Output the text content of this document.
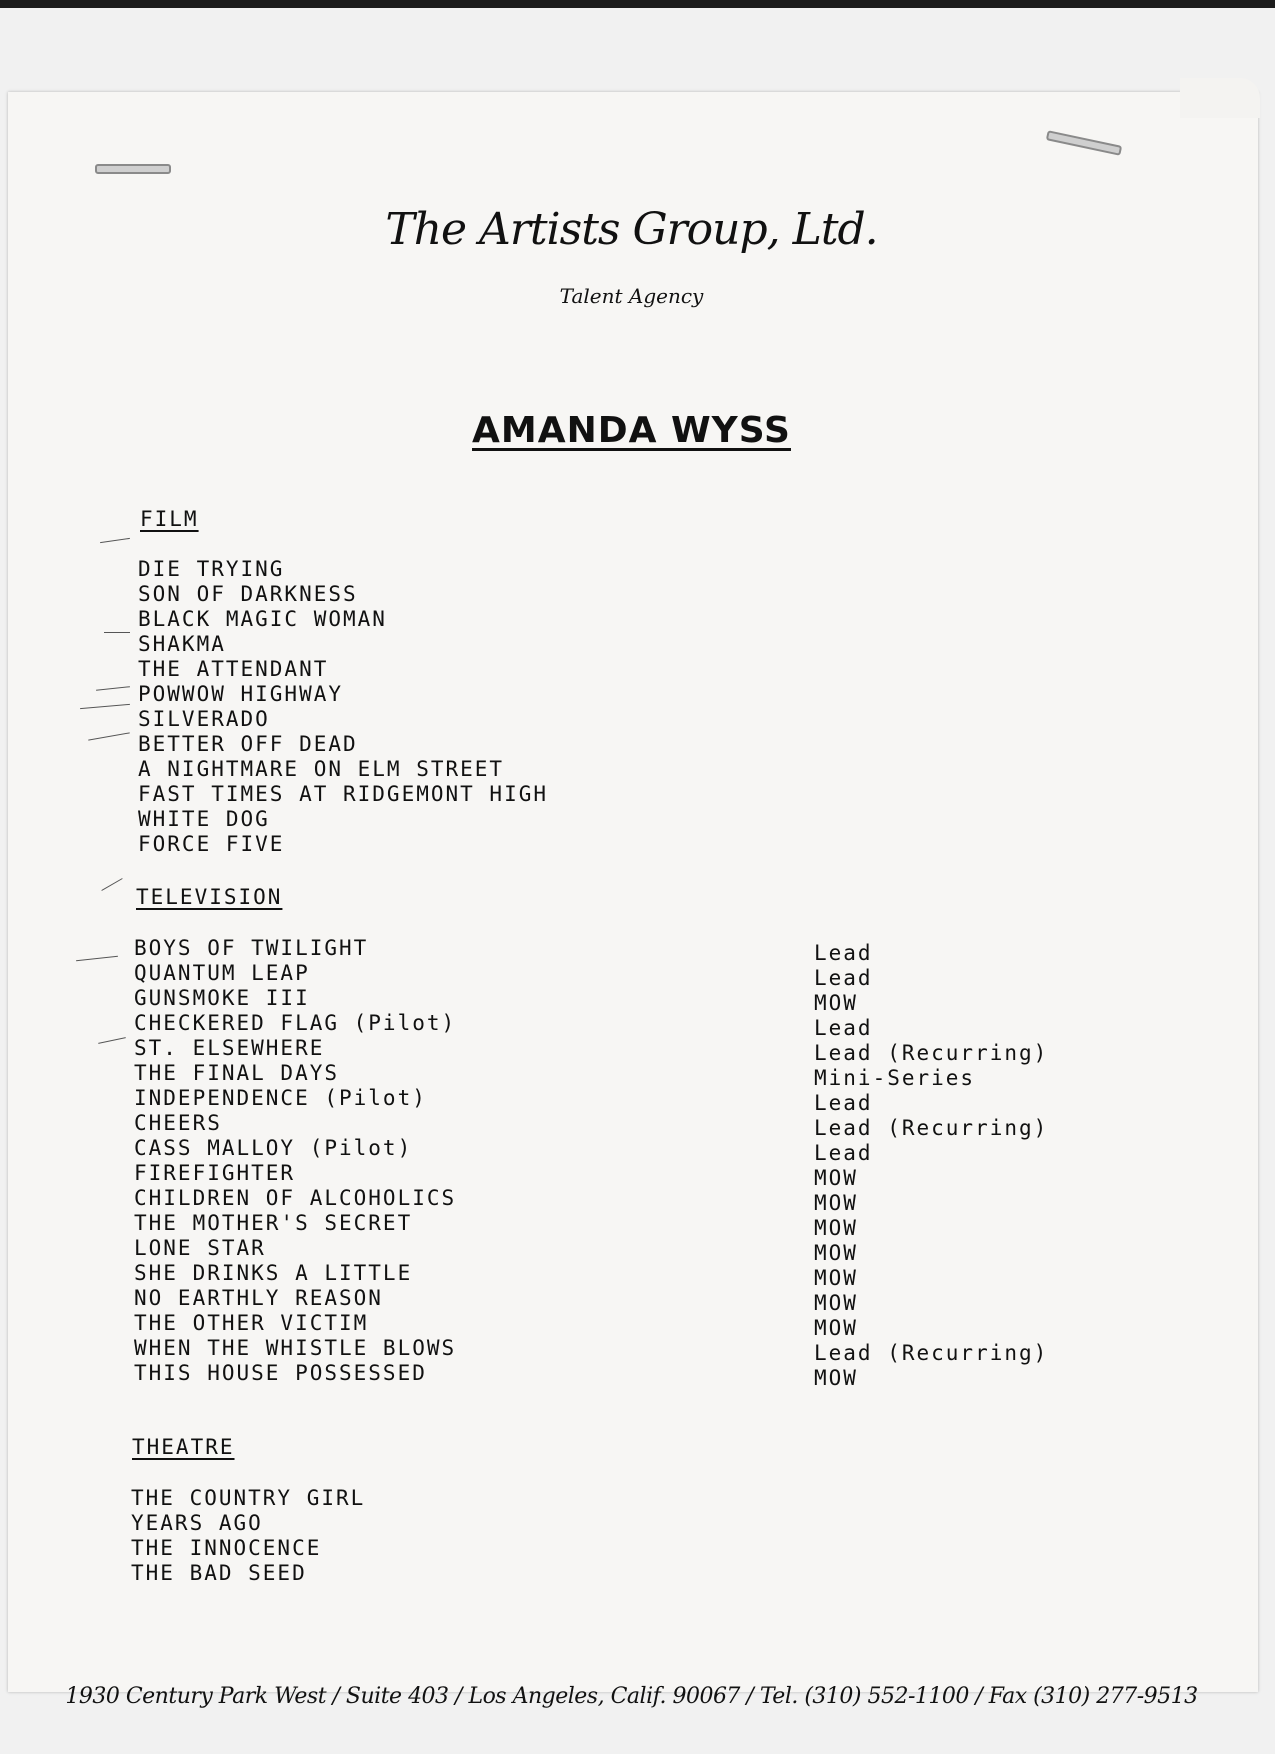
The Artists Group, Ltd.
Talent Agency
AMANDA WYSS
FILM
DIE TRYING
SON OF DARKNESS
BLACK MAGIC WOMAN
SHAKMA
THE ATTENDANT
POWWOW HIGHWAY
SILVERADO
BETTER OFF DEAD
A NIGHTMARE ON ELM STREET
FAST TIMES AT RIDGEMONT HIGH
WHITE DOG
FORCE FIVE
TELEVISION
BOYS OF TWILIGHT
QUANTUM LEAP
GUNSMOKE III
CHECKERED FLAG (Pilot)
ST. ELSEWHERE
THE FINAL DAYS
INDEPENDENCE (Pilot)
CHEERS
CASS MALLOY (Pilot)
FIREFIGHTER
CHILDREN OF ALCOHOLICS
THE MOTHER'S SECRET
LONE STAR
SHE DRINKS A LITTLE
NO EARTHLY REASON
THE OTHER VICTIM
WHEN THE WHISTLE BLOWS
THIS HOUSE POSSESSED
Lead
Lead
MOW
Lead
Lead (Recurring)
Mini-Series
Lead
Lead (Recurring)
Lead
MOW
MOW
MOW
MOW
MOW
MOW
MOW
Lead (Recurring)
MOW
THEATRE
THE COUNTRY GIRL
YEARS AGO
THE INNOCENCE
THE BAD SEED
1930 Century Park West / Suite 403 / Los Angeles, Calif. 90067 / Tel. (310) 552-1100 / Fax (310) 277-9513
